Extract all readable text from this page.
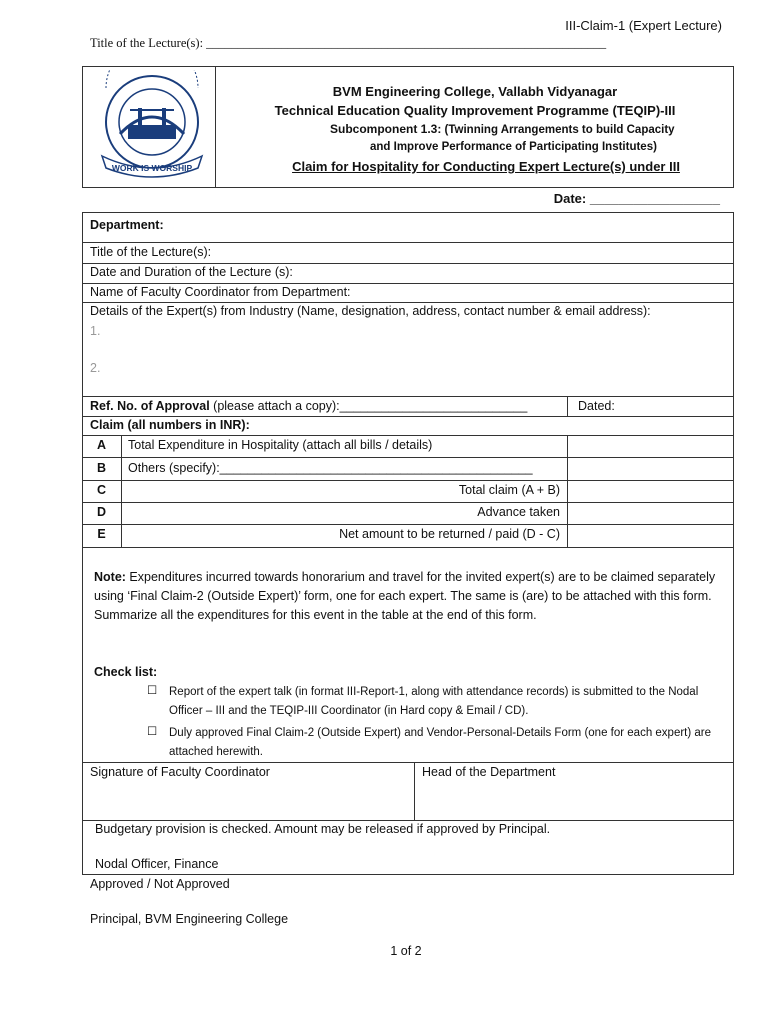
III-Claim-1 (Expert Lecture)
Title of the Lecture(s): ________________________________________________________________
WORK IS WORSHIP
BVM Engineering College, Vallabh Vidyanagar
Technical Education Quality Improvement Programme (TEQIP)-III
Subcomponent 1.3: (Twinning Arrangements to build Capacity
and Improve Performance of Participating Institutes)
Claim for Hospitality for Conducting Expert Lecture(s) under III
Date: __________________
Department:
Title of the Lecture(s):
Date and Duration of the Lecture (s):
Name of Faculty Coordinator from Department:
Details of the Expert(s) from Industry (Name, designation, address, contact number & email address):
1.
2.
Ref. No. of Approval (please attach a copy):___________________________	Dated:
Claim (all numbers in INR):
A	Total Expenditure in Hospitality (attach all bills / details)
B	Others (specify):_____________________________________________
C	Total claim (A + B)
D	Advance taken
E	Net amount to be returned / paid (D - C)
Note: Expenditures incurred towards honorarium and travel for the invited expert(s) are to be claimed separately using ‘Final Claim-2 (Outside Expert)’ form, one for each expert. The same is (are) to be attached with this form. Summarize all the expenditures for this event in the table at the end of this form.
Check list:
☐ Report of the expert talk (in format III-Report-1, along with attendance records) is submitted to the Nodal Officer – III and the TEQIP-III Coordinator (in Hard copy & Email / CD).
☐ Duly approved Final Claim-2 (Outside Expert) and Vendor-Personal-Details Form (one for each expert) are attached herewith.
Signature of Faculty Coordinator	Head of the Department
Budgetary provision is checked. Amount may be released if approved by Principal.
Nodal Officer, Finance
Approved / Not Approved
Principal, BVM Engineering College
1 of 2
